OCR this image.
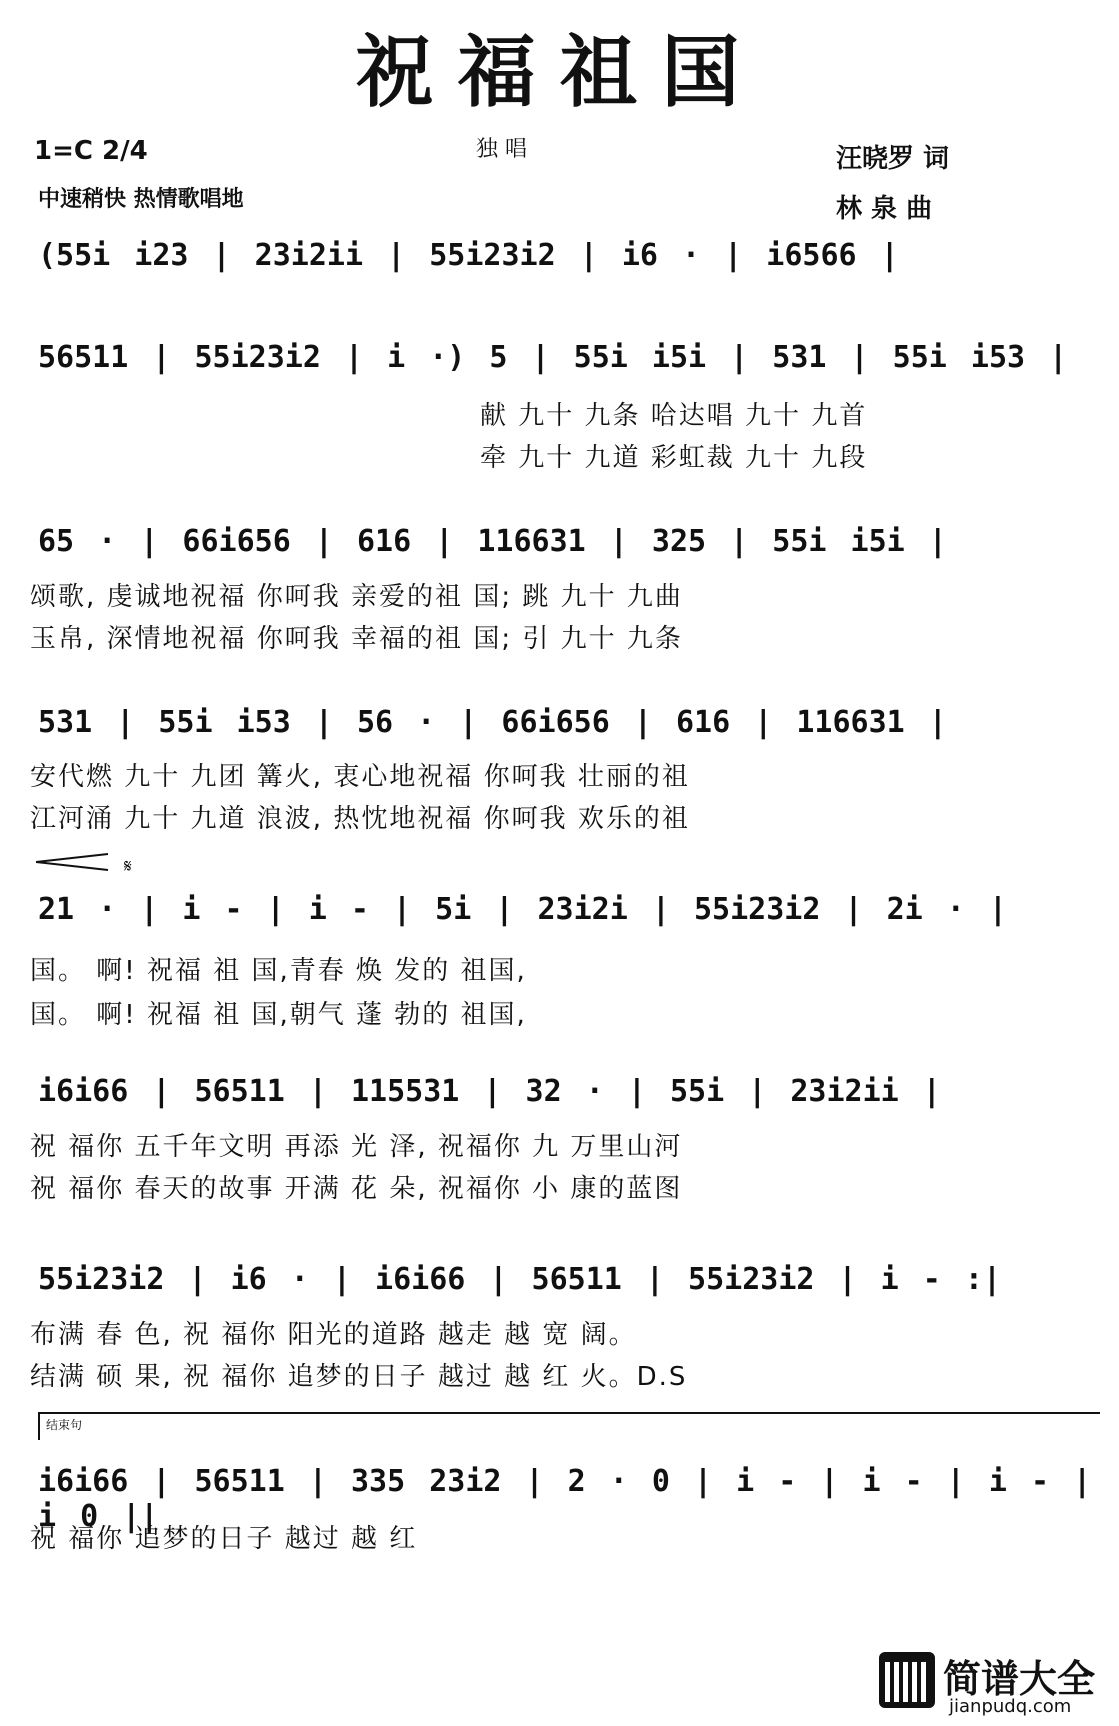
祝福祖国
1=C 2/4	独 唱	汪晓罗 词
中速稍快 热情歌唱地	林 泉 曲
(55i i23 | 23i2ii | 55i23i2 | i6 · | i6566 |
56511 | 55i23i2 | i ·) 5 | 55i i5i | 531 | 55i i53 |
献 九十 九条 哈达唱 九十 九首
牵 九十 九道 彩虹裁 九十 九段
65 · | 66i656 | 616 | 116631 | 325 | 55i i5i |
颂歌, 虔诚地祝福 你呵我 亲爱的祖 国; 跳 九十 九曲
玉帛, 深情地祝福 你呵我 幸福的祖 国; 引 九十 九条
531 | 55i i53 | 56 · | 66i656 | 616 | 116631 |
安代燃 九十 九团 篝火, 衷心地祝福 你呵我 壮丽的祖
江河涌 九十 九道 浪波, 热忱地祝福 你呵我 欢乐的祖
𝄋
21 · | i - | i - | 5i | 23i2i | 55i23i2 | 2i · |
国。 啊! 祝福 祖 国,青春 焕 发的 祖国,
国。 啊! 祝福 祖 国,朝气 蓬 勃的 祖国,
i6i66 | 56511 | 115531 | 32 · | 55i | 23i2ii |
祝 福你 五千年文明 再添 光 泽, 祝福你 九 万里山河
祝 福你 春天的故事 开满 花 朵, 祝福你 小 康的蓝图
55i23i2 | i6 · | i6i66 | 56511 | 55i23i2 | i - :|
布满 春 色, 祝 福你 阳光的道路 越走 越 宽 阔。
结满 硕 果, 祝 福你 追梦的日子 越过 越 红 火。D.S
结束句
i6i66 | 56511 | 335 23i2 | 2 · 0 | i - | i - | i - | i 0 ||
祝 福你 追梦的日子 越过 越 红
简谱大全
jianpudq.com
